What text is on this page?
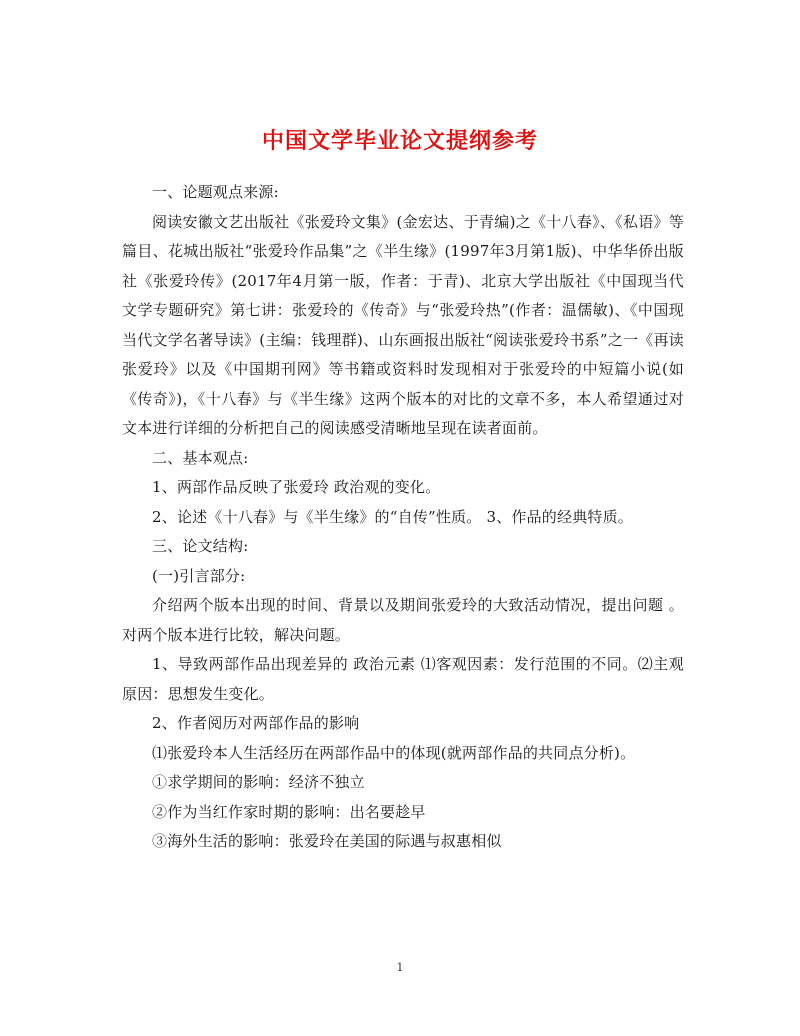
中国文学毕业论文提纲参考

一、论题观点来源:

阅读安徽文艺出版社《张爱玲文集》(金宏达、于青编)之《十八春》、《私语》等篇目、花城出版社“张爱玲作品集”之《半生缘》(1997年3月第1版)、中华华侨出版社《张爱玲传》(2017年4月第一版，作者：于青)、北京大学出版社《中国现当代文学专题研究》第七讲：张爱玲的《传奇》与“张爱玲热”(作者：温儒敏)、《中国现当代文学名著导读》(主编：钱理群)、山东画报出版社“阅读张爱玲书系”之一《再读张爱玲》以及《中国期刊网》等书籍或资料时发现相对于张爱玲的中短篇小说(如《传奇》)，《十八春》与《半生缘》这两个版本的对比的文章不多，本人希望通过对文本进行详细的分析把自己的阅读感受清晰地呈现在读者面前。

二、基本观点:

1、两部作品反映了张爱玲 政治观的变化。

2、论述《十八春》与《半生缘》的“自传”性质。 3、作品的经典特质。

三、论文结构:

(一)引言部分:

介绍两个版本出现的时间、背景以及期间张爱玲的大致活动情况，提出问题 。 对两个版本进行比较，解决问题。

1、导致两部作品出现差异的 政治元素 ⑴客观因素：发行范围的不同。⑵主观原因：思想发生变化。

2、作者阅历对两部作品的影响

⑴张爱玲本人生活经历在两部作品中的体现(就两部作品的共同点分析)。

①求学期间的影响：经济不独立

②作为当红作家时期的影响：出名要趁早

③海外生活的影响：张爱玲在美国的际遇与叔惠相似

1
